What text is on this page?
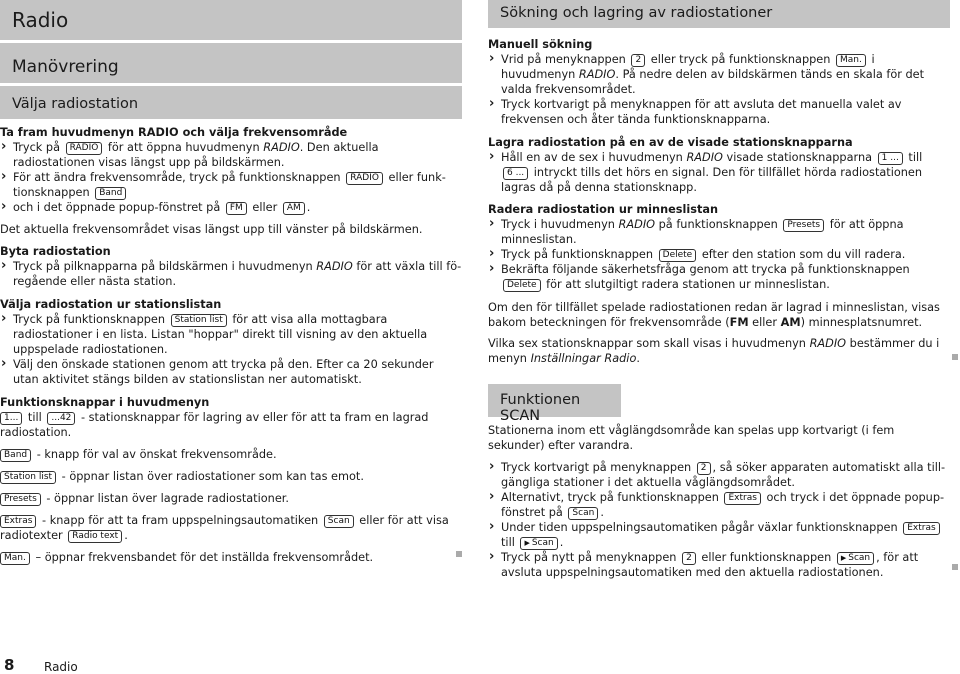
Radio
Manövrering
Välja radiostation
Ta fram huvudmenyn RADIO och välja frekvensområde
› Tryck på RADIO för att öppna huvudmenyn RADIO. Den aktuella radiostationen visas längst upp på bildskärmen.
› För att ändra frekvensområde, tryck på funktionsknappen RADIO eller funktionsknappen Band
› och i det öppnade popup-fönstret på FM eller AM .
Det aktuella frekvensområdet visas längst upp till vänster på bildskärmen.
Byta radiostation
› Tryck på pilknapparna på bildskärmen i huvudmenyn RADIO för att växla till föregående eller nästa station.
Välja radiostation ur stationslistan
› Tryck på funktionsknappen Station list för att visa alla mottagbara radiostationer i en lista. Listan "hoppar" direkt till visning av den aktuella uppspelade radiostationen.
› Välj den önskade stationen genom att trycka på den. Efter ca 20 sekunder utan aktivitet stängs bilden av stationslistan ner automatiskt.
Funktionsknappar i huvudmenyn
1... till ...42 - stationsknappar för lagring av eller för att ta fram en lagrad radiostation.
Band - knapp för val av önskat frekvensområde.
Station list - öppnar listan över radiostationer som kan tas emot.
Presets - öppnar listan över lagrade radiostationer.
Extras - knapp för att ta fram uppspelningsautomatiken Scan eller för att visa radiotexter Radio text .
Man. – öppnar frekvensbandet för det inställda frekvensområdet.
Sökning och lagring av radiostationer
Manuell sökning
› Vrid på menyknappen 2 eller tryck på funktionsknappen Man. i huvudmenyn RADIO. På nedre delen av bildskärmen tänds en skala för det valda frekvensområdet.
› Tryck kortvarigt på menyknappen för att avsluta det manuella valet av frekvensen och åter tända funktionsknapparna.
Lagra radiostation på en av de visade stationsknapparna
› Håll en av de sex i huvudmenyn RADIO visade stationsknapparna 1 ... till 6 ... intryckt tills det hörs en signal. Den för tillfället hörda radiostationen lagras då på denna stationsknapp.
Radera radiostation ur minneslistan
› Tryck i huvudmenyn RADIO på funktionsknappen Presets för att öppna minneslistan.
› Tryck på funktionsknappen Delete efter den station som du vill radera.
› Bekräfta följande säkerhetsfråga genom att trycka på funktionsknappen Delete för att slutgiltigt radera stationen ur minneslistan.
Om den för tillfället spelade radiostationen redan är lagrad i minneslistan, visas bakom beteckningen för frekvensområde (FM eller AM) minnesplatsnumret.
Vilka sex stationsknappar som skall visas i huvudmenyn RADIO bestämmer du i menyn Inställningar Radio.
Funktionen SCAN
Stationerna inom ett våglängdsområde kan spelas upp kortvarigt (i fem sekunder) efter varandra.
› Tryck kortvarigt på menyknappen 2 , så söker apparaten automatiskt alla tillgängliga stationer i det aktuella våglängdsområdet.
› Alternativt, tryck på funktionsknappen Extras och tryck i det öppnade popupfönstret på Scan .
› Under tiden uppspelningsautomatiken pågår växlar funktionsknappen Extras till ▶ Scan .
› Tryck på nytt på menyknappen 2 eller funktionsknappen ▶ Scan , för att avsluta uppspelningsautomatiken med den aktuella radiostationen.
8 Radio
